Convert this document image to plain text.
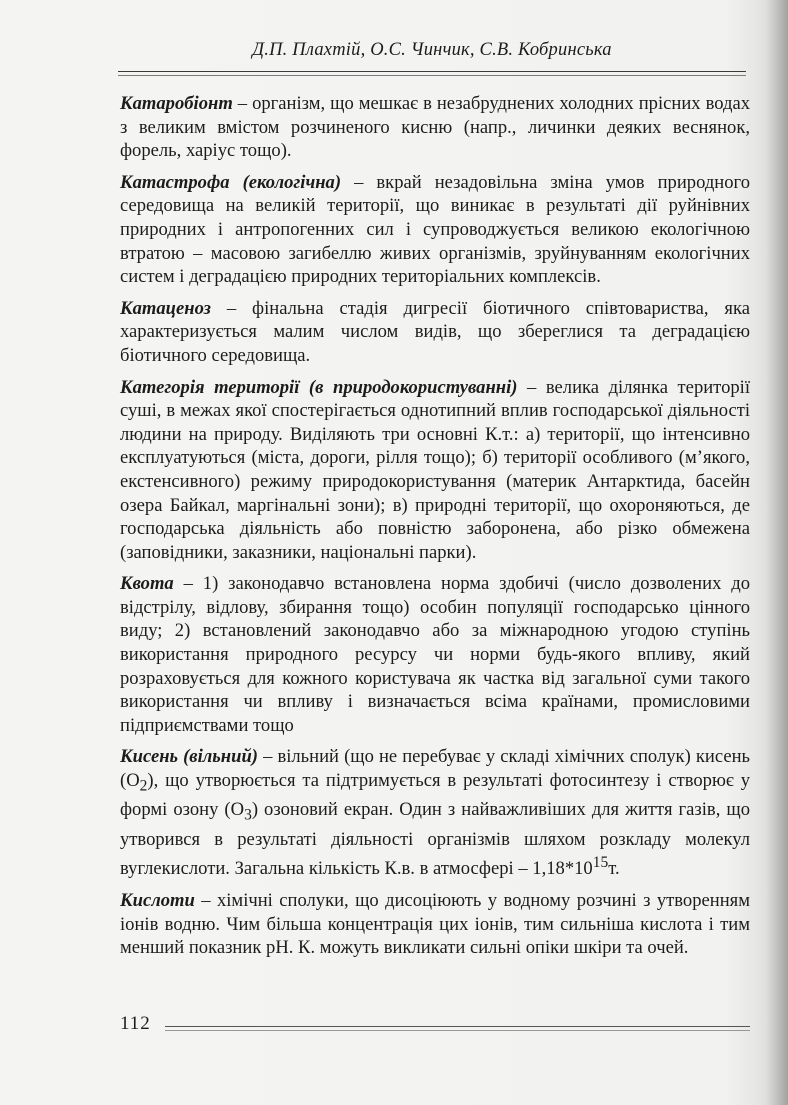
Д.П. Плахтій, О.С. Чинчик, С.В. Кобринська

Катаробіонт – організм, що мешкає в незабруднених холодних прісних водах з великим вмістом розчиненого кисню (напр., личинки деяких веснянок, форель, харіус тощо).

Катастрофа (екологічна) – вкрай незадовільна зміна умов природного середовища на великій території, що виникає в результаті дії руйнівних природних і антропогенних сил і супроводжується великою екологічною втратою – масовою загибеллю живих організмів, зруйнуванням екологічних систем і деградацією природних територіальних комплексів.

Катаценоз – фінальна стадія дигресії біотичного співтовариства, яка характеризується малим числом видів, що збереглися та деградацією біотичного середовища.

Категорія території (в природокористуванні) – велика ділянка території суші, в межах якої спостерігається однотипний вплив господарської діяльності людини на природу. Виділяють три основні К.т.: а) території, що інтенсивно експлуатуються (міста, дороги, рілля тощо); б) території особливого (м’якого, екстенсивного) режиму природокористування (материк Антарктида, басейн озера Байкал, маргінальні зони); в) природні території, що охороняються, де господарська діяльність або повністю заборонена, або різко обмежена (заповідники, заказники, національні парки).

Квота – 1) законодавчо встановлена норма здобичі (число дозволених до відстрілу, відлову, збирання тощо) особин популяції господарсько цінного виду; 2) встановлений законодавчо або за міжнародною угодою ступінь використання природного ресурсу чи норми будь-якого впливу, який розраховується для кожного користувача як частка від загальної суми такого використання чи впливу і визначається всіма країнами, промисловими підприємствами тощо

Кисень (вільний) – вільний (що не перебуває у складі хімічних сполук) кисень $(O_2)$, що утворюється та підтримується в результаті фотосинтезу і створює у формі озону $(O_3)$ озоновий екран. Один з найважливіших для життя газів, що утворився в результаті діяльності організмів шляхом розкладу молекул вуглекислоти. Загальна кількість К.в. в атмосфері – $1,18*10^{15}т$.

Кислоти – хімічні сполуки, що дисоціюють у водному розчині з утворенням іонів водню. Чим більша концентрація цих іонів, тим сильніша кислота і тим менший показник pH. К. можуть викликати сильні опіки шкіри та очей.

112
